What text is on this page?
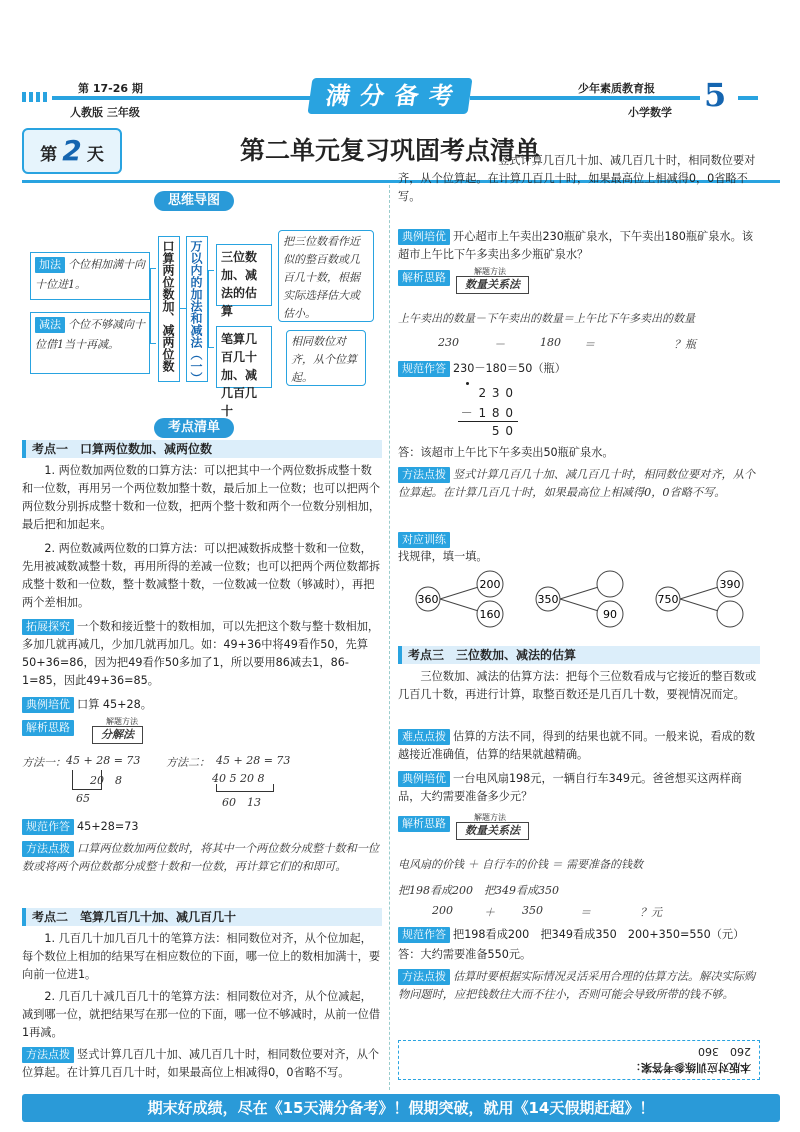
第 17-26 期
人教版 三年级
满 分 备 考	少年素质教育报
小学数学 5
第 2 天	第二单元复习巩固考点清单
思维导图
加法 个位相加满十向十位进1。
减法 个位不够减向十位借1当十再减。	口算两位数加、减两位数	万以内的加法和减法（一）	三位数加、减法的估算
笔算几百几十加、减几百几十
把三位数看作近似的整百数或几百几十数，根据实际选择估大或估小。
相同数位对齐，从个位算起。
考点清单
考点一　口算两位数加、减两位数
1. 两位数加两位数的口算方法：可以把其中一个两位数拆成整十数和一位数，再用另一个两位数加整十数，最后加上一位数；也可以把两个两位数分别拆成整十数和一位数，把两个整十数和两个一位数分别相加，最后把和加起来。
2. 两位数减两位数的口算方法：可以把减数拆成整十数和一位数，先用被减数减整十数，再用所得的差减一位数；也可以把两个两位数都拆成整十数和一位数，整十数减整十数，一位数减一位数（够减时），再把两个差相加。
拓展探究 一个数和接近整十的数相加，可以先把这个数与整十数相加，多加几就再减几，少加几就再加几。如：49+36中将49看作50，先算50+36=86，因为把49看作50多加了1，所以要用86减去1，86-1=85，因此49+36=85。
典例培优 口算 45+28。
解析思路	解题方法
分解法
方法一： 45 + 28 = 73
20　8
65
方法二： 45 + 28 = 73
40 5 20 8
60　13
规范作答 45+28=73
方法点拨 口算两位数加两位数时，将其中一个两位数分成整十数和一位数或将两个两位数都分成整十数和一位数，再计算它们的和即可。
考点二　笔算几百几十加、减几百几十
1. 几百几十加几百几十的笔算方法：相同数位对齐，从个位加起，每个数位上相加的结果写在相应数位的下面，哪一位上的数相加满十，要向前一位进1。
2. 几百几十减几百几十的笔算方法：相同数位对齐，从个位减起，减到哪一位，就把结果写在那一位的下面，哪一位不够减时，从前一位借1再减。
方法点拨 竖式计算几百几十加、减几百几十时，相同数位要对齐，从个位算起。在计算几百几十时，如果最高位上相减得0，0省略不写。
竖式计算几百几十加、减几百几十时，相同数位要对齐，从个位算起。在计算几百几十时，如果最高位上相减得0，0省略不写。
典例培优 开心超市上午卖出230瓶矿泉水，下午卖出180瓶矿泉水。该超市上午比下午多卖出多少瓶矿泉水？
解析思路	解题方法
数量关系法
上午卖出的数量－下午卖出的数量＝上午比下午多卖出的数量
230	－	180 ＝	？瓶
规范作答 230－180＝50（瓶）
2 3 0
－ 1 8 0
5 0
答：该超市上午比下午多卖出50瓶矿泉水。
方法点拨 竖式计算几百几十加、减几百几十时，相同数位要对齐，从个位算起。在计算几百几十时，如果最高位上相减得0，0省略不写。
对应训练
找规律，填一填。
360
200
160
350
90
750
390
考点三　三位数加、减法的估算
三位数加、减法的估算方法：把每个三位数看成与它接近的整百数或几百几十数，再进行计算，取整百数还是几百几十数，要视情况而定。
难点点拨 估算的方法不同，得到的结果也就不同。一般来说，看成的数越接近准确值，估算的结果就越精确。
典例培优 一台电风扇198元，一辆自行车349元。爸爸想买这两样商品，大约需要准备多少元？
解析思路	解题方法
数量关系法
电风扇的价钱 ＋ 自行车的价钱 ＝ 需要准备的钱数
把198看成200　把349看成350
200	＋ 350	＝	？元
规范作答 把198看成200　把349看成350　200+350=550（元）
答：大约需要准备550元。
方法点拨 估算时要根据实际情况灵活采用合理的估算方法。解决实际购物问题时，应把钱数往大而不往小，否则可能会导致所带的钱不够。
本版对应训练参考答案：
260　360
期末好成绩，尽在《15天满分备考》！假期突破，就用《14天假期赶超》！
